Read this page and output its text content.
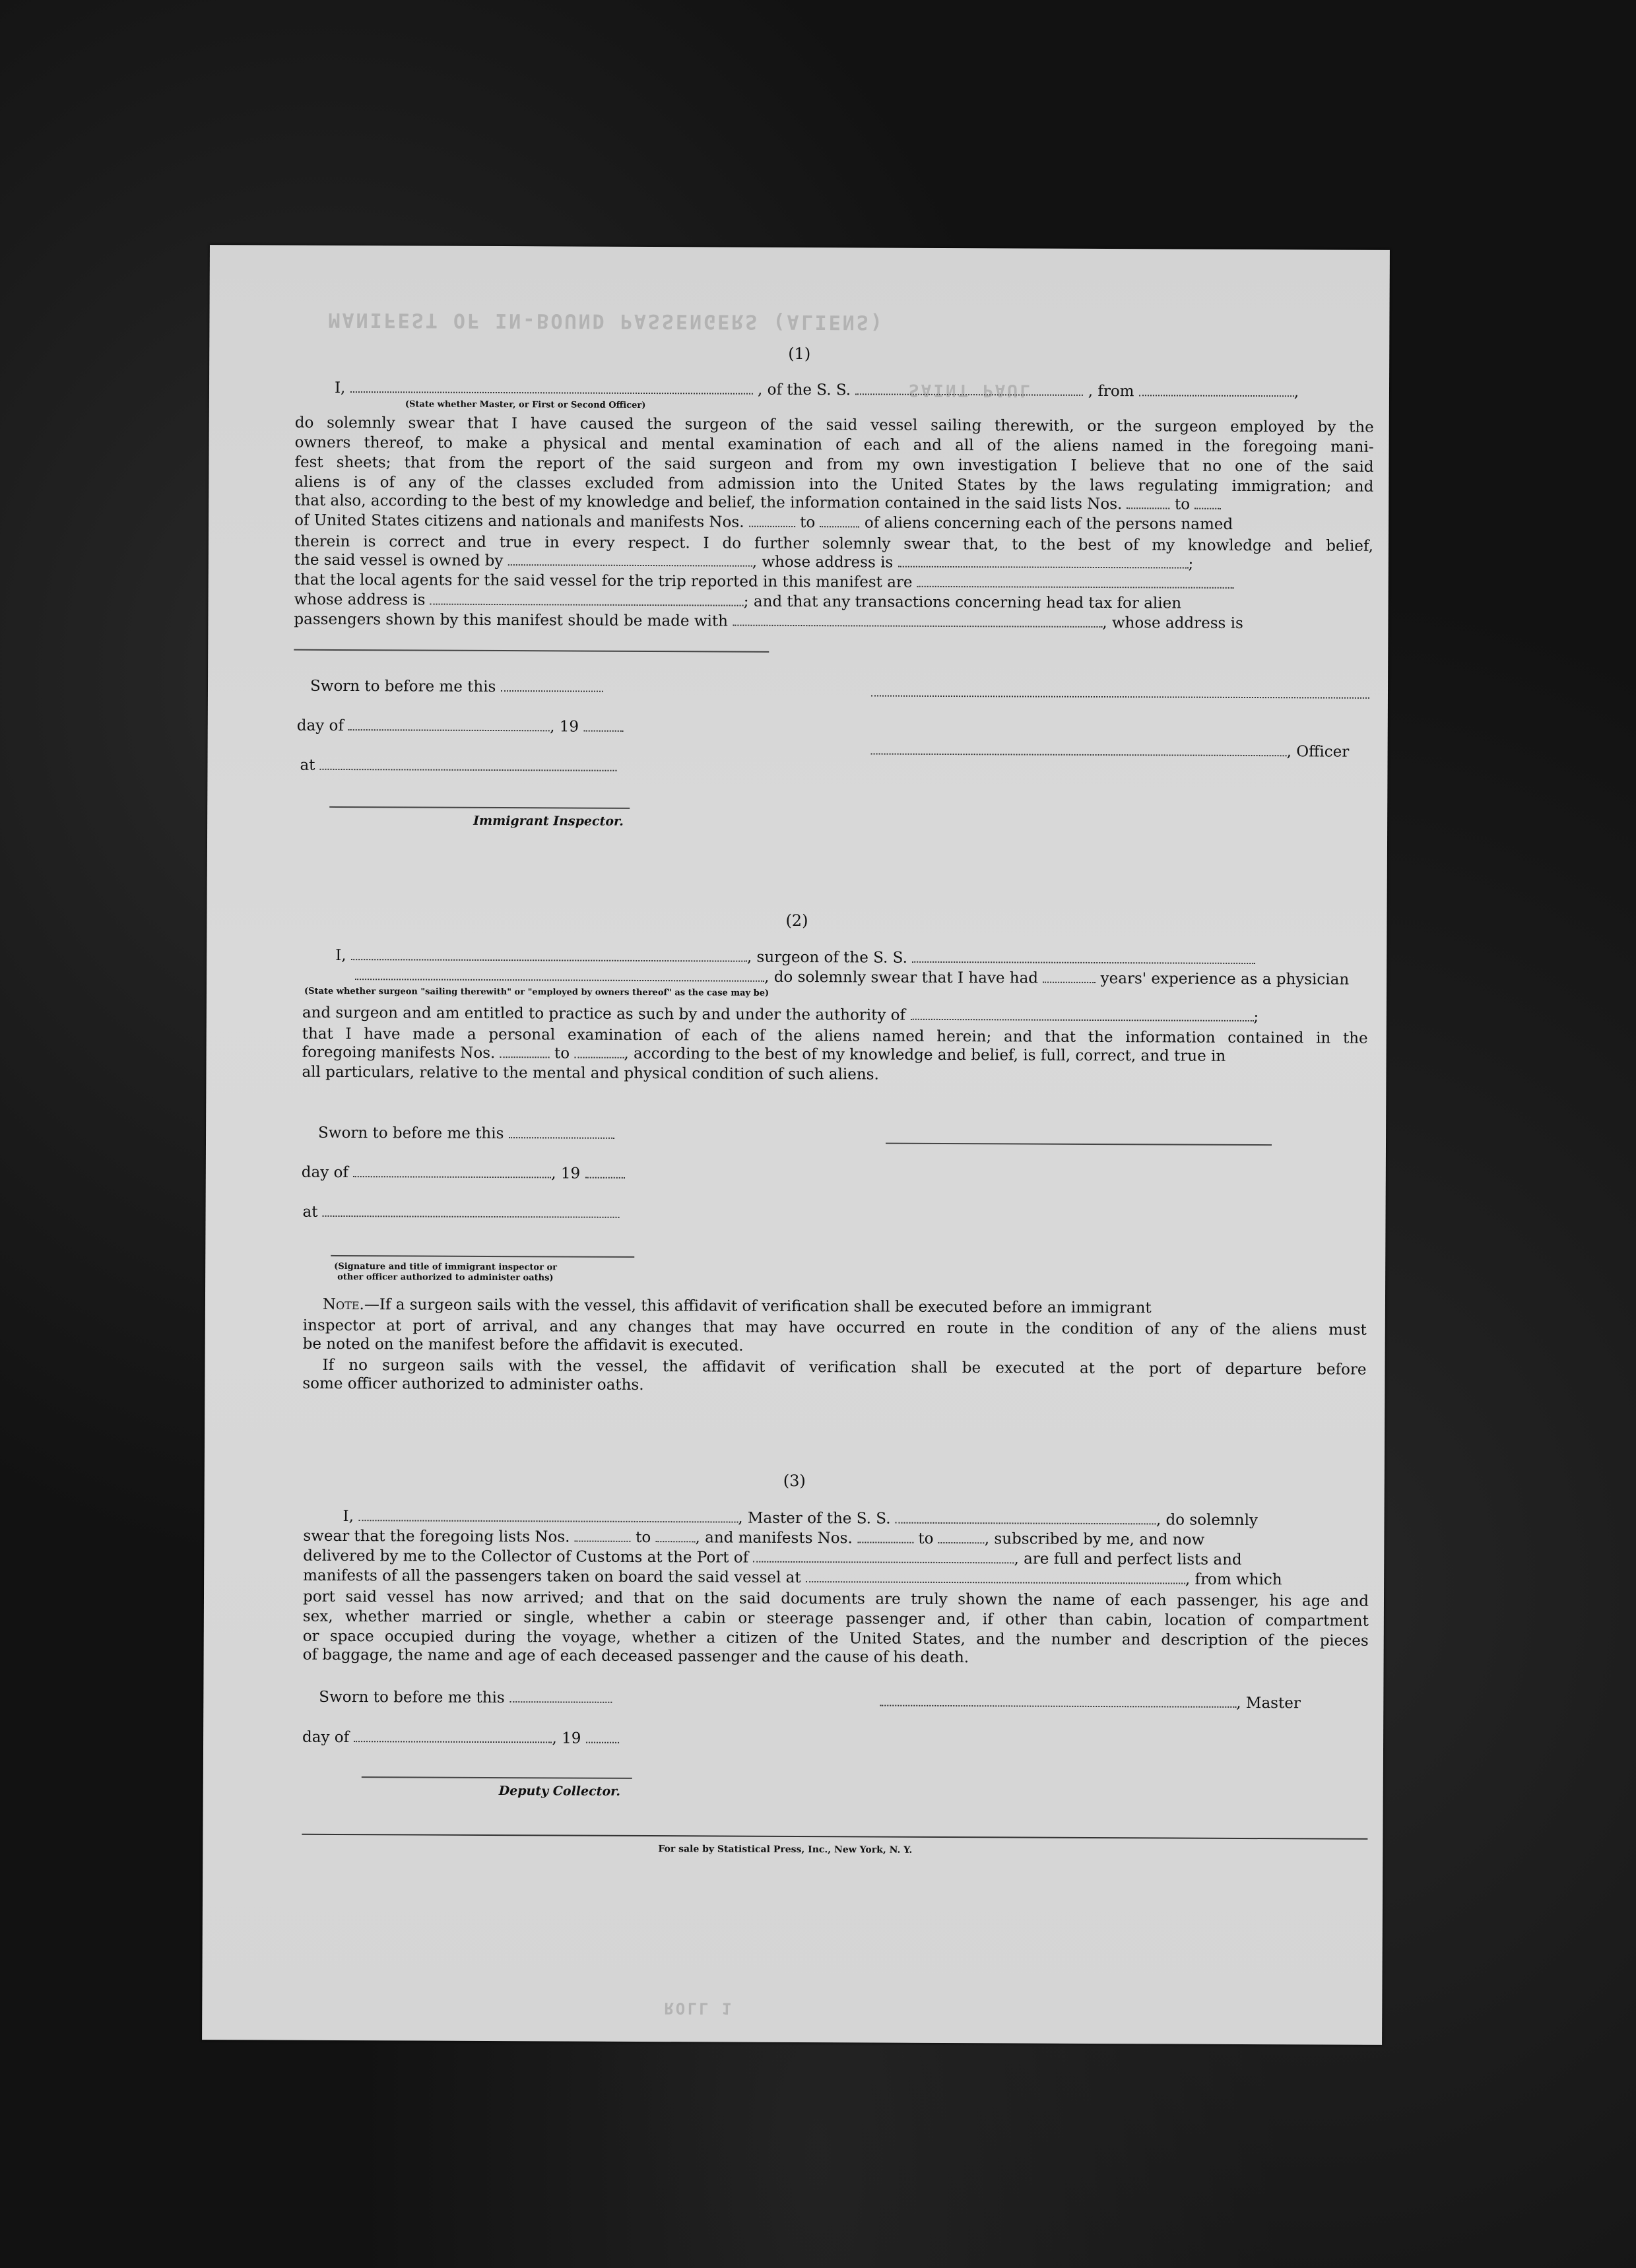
MANIFEST OF IN-BOUND PASSENGERS (ALIENS)
SAINT PAUL
ROLL 1
(1)
I,	, of the S. S.	, from	,
(State whether Master, or First or Second Officer)
do solemnly swear that I have caused the surgeon of the said vessel sailing therewith, or the surgeon employed by the
owners thereof, to make a physical and mental examination of each and all of the aliens named in the foregoing mani-
fest sheets; that from the report of the said surgeon and from my own investigation I believe that no one of the said
aliens is of any of the classes excluded from admission into the United States by the laws regulating immigration; and
that also, according to the best of my knowledge and belief, the information contained in the said lists Nos.	to
of United States citizens and nationals and manifests Nos.	to	of aliens concerning each of the persons named
therein is correct and true in every respect. I do further solemnly swear that, to the best of my knowledge and belief,
the said vessel is owned by	, whose address is	;
that the local agents for the said vessel for the trip reported in this manifest are
whose address is	; and that any transactions concerning head tax for alien
passengers shown by this manifest should be made with	, whose address is
Sworn to before me this
day of	, 19
at
Immigrant Inspector.
, Officer
(2)
I,	, surgeon of the S. S.
, do solemnly swear that I have had	years' experience as a physician
(State whether surgeon "sailing therewith" or "employed by owners thereof" as the case may be)
and surgeon and am entitled to practice as such by and under the authority of	;
that I have made a personal examination of each of the aliens named herein; and that the information contained in the
foregoing manifests Nos.	to	, according to the best of my knowledge and belief, is full, correct, and true in
all particulars, relative to the mental and physical condition of such aliens.
Sworn to before me this
day of	, 19
at
(Signature and title of immigrant inspector or
other officer authorized to administer oaths)
Note.—If a surgeon sails with the vessel, this affidavit of verification shall be executed before an immigrant
inspector at port of arrival, and any changes that may have occurred en route in the condition of any of the aliens must
be noted on the manifest before the affidavit is executed.
If no surgeon sails with the vessel, the affidavit of verification shall be executed at the port of departure before
some officer authorized to administer oaths.
(3)
I,	, Master of the S. S.	, do solemnly
swear that the foregoing lists Nos.	to	, and manifests Nos.	to	, subscribed by me, and now
delivered by me to the Collector of Customs at the Port of	, are full and perfect lists and
manifests of all the passengers taken on board the said vessel at	, from which
port said vessel has now arrived; and that on the said documents are truly shown the name of each passenger, his age and
sex, whether married or single, whether a cabin or steerage passenger and, if other than cabin, location of compartment
or space occupied during the voyage, whether a citizen of the United States, and the number and description of the pieces
of baggage, the name and age of each deceased passenger and the cause of his death.
Sworn to before me this	, Master
day of	, 19
Deputy Collector.
For sale by Statistical Press, Inc., New York, N. Y.
